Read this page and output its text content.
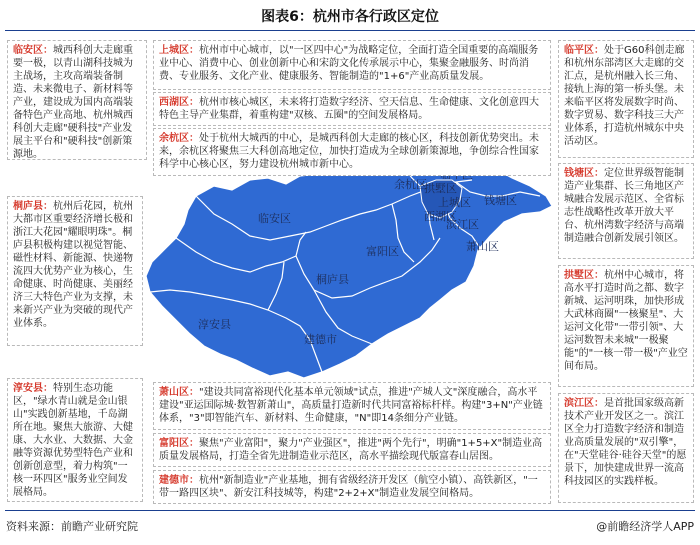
图表6：杭州市各行政区定位
临安区
富阳区
桐庐县
淳安县
建德市
余杭区
拱墅区
上城区
西湖区
滨江区
萧山区
钱塘区
临安区：城西科创大走廊重要一极，以青山湖科技城为主战场，主攻高端装备制造、未来微电子、新材料等产业，建设成为国内高端装备特色产业高地、杭州城西科创大走廊"硬科技"产业发展主平台和"硬科技"创新策源地。
上城区：杭州市中心城市，以"一区四中心"为战略定位，全面打造全国重要的高端服务业中心、消费中心、创业创新中心和宋韵文化传承展示中心，集聚金融服务、时尚消费、专业服务、文化产业、健康服务、智能制造的"1+6"产业高质量发展。
西湖区：杭州市核心城区，未来将打造数字经济、空天信息、生命健康、文化创意四大特色主导产业集群，着重构建"双核、五圈"的空间发展格局。
余杭区：处于杭州大城西的中心，是城西科创大走廊的核心区，科技创新优势突出。未来，余杭区将聚焦三大科创高地定位，加快打造成为全球创新策源地，争创综合性国家科学中心核心区，努力建设杭州城市新中心。
临平区：处于G60科创走廊和杭州东部湾区大走廊的交汇点，是杭州融入长三角、接轨上海的第一桥头堡。未来临平区将发展数字时尚、数字贸易、数字科技三大产业体系，打造杭州城东中央活动区。
钱塘区：定位世界级智能制造产业集群、长三角地区产城融合发展示范区、全省标志性战略性改革开放大平台、杭州湾数字经济与高端制造融合创新发展引领区。
桐庐县：杭州后花园，杭州大都市区重要经济增长极和浙江大花园"耀眼明珠"。桐庐县积极构建以视觉智能、磁性材料、新能源、快递物流四大优势产业为核心，生命健康、时尚健康、美丽经济三大特色产业为支撑，未来新兴产业为突破的现代产业体系。
拱墅区：杭州中心城市，将高水平打造时尚之都、数字新城、运河明珠，加快形成大武林商圈"一核聚星"、大运河文化带"一带引领"、大运河数智未来城"一极聚能"的"一核一带一极"产业空间布局。
淳安县：特别生态功能区，"绿水青山就是金山银山"实践创新基地，千岛湖所在地。聚焦大旅游、大健康、大水业、大数据、大金融等资源优势型特色产业和创新创意型，着力构筑"一核一环四区"服务业空间发展格局。
萧山区："建设共同富裕现代化基本单元领域"试点，推进"产城人文"深度融合，高水平建设"亚运国际城·数智新萧山"，高质量打造新时代共同富裕标杆样。构建"3+N"产业链体系，"3"即智能汽车、新材料、生命健康，"N"即14条细分产业链。
富阳区：聚焦"产业富阳"，聚力"产业强区"，推进"两个先行"，明确"1+5+X"制造业高质量发展格局，打造全省先进制造业示范区，高水平描绘现代版富春山居图。
建德市：杭州"新制造业"产业基地，拥有省级经济开发区（航空小镇）、高铁新区，"一带一路四区块"、新安江科技城等，构建"2+2+X"制造业发展空间格局。
滨江区：是首批国家级高新技术产业开发区之一。滨江区全力打造数字经济和制造业高质量发展的"双引擎"，在"天堂硅谷·硅谷天堂"的愿景下，加快建成世界一流高科技园区的实践样板。
资料来源：前瞻产业研究院	@前瞻经济学人APP
